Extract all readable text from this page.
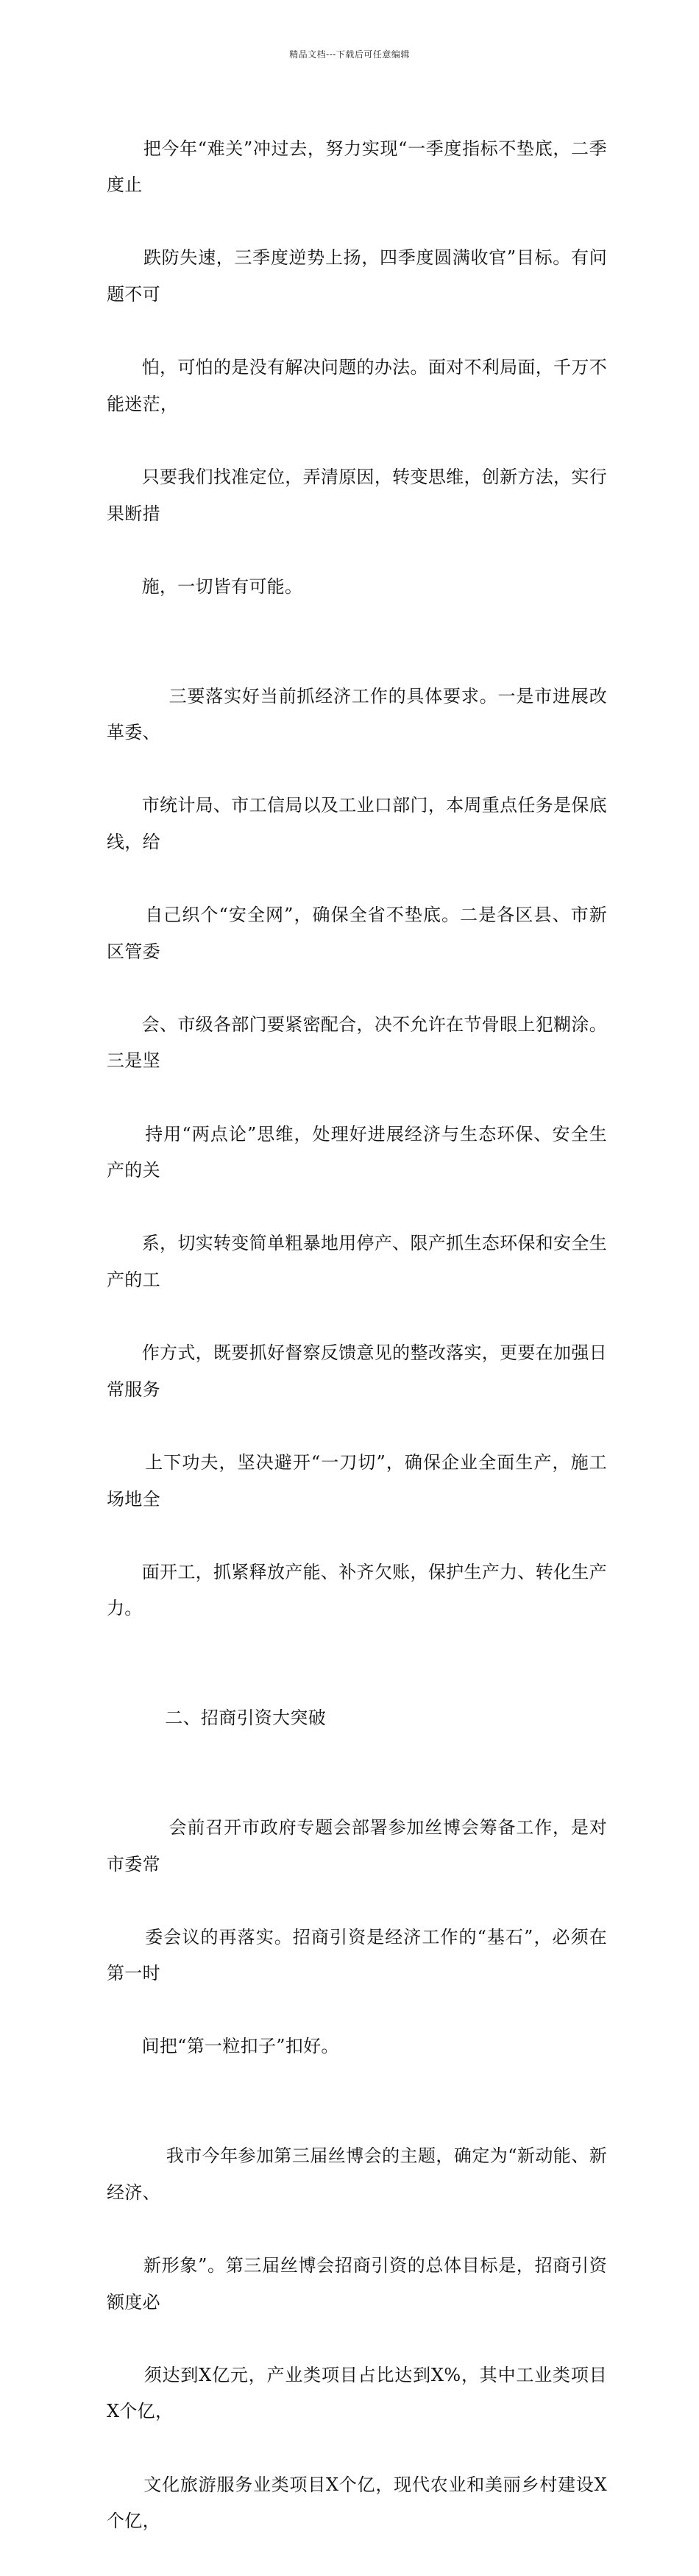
精品文档---下载后可任意编辑

把今年“难关”冲过去，努力实现“一季度指标不垫底，二季度止

跌防失速，三季度逆势上扬，四季度圆满收官”目标。有问题不可

怕，可怕的是没有解决问题的办法。面对不利局面，千万不能迷茫，

只要我们找准定位，弄清原因，转变思维，创新方法，实行果断措

施，一切皆有可能。

三要落实好当前抓经济工作的具体要求。一是市进展改革委、

市统计局、市工信局以及工业口部门，本周重点任务是保底线，给

自己织个“安全网”，确保全省不垫底。二是各区县、市新区管委

会、市级各部门要紧密配合，决不允许在节骨眼上犯糊涂。三是坚

持用“两点论”思维，处理好进展经济与生态环保、安全生产的关

系，切实转变简单粗暴地用停产、限产抓生态环保和安全生产的工

作方式，既要抓好督察反馈意见的整改落实，更要在加强日常服务

上下功夫，坚决避开“一刀切”，确保企业全面生产，施工场地全

面开工，抓紧释放产能、补齐欠账，保护生产力、转化生产力。

二、招商引资大突破

会前召开市政府专题会部署参加丝博会筹备工作，是对市委常

委会议的再落实。招商引资是经济工作的“基石”，必须在第一时

间把“第一粒扣子”扣好。

我市今年参加第三届丝博会的主题，确定为“新动能、新经济、

新形象”。第三届丝博会招商引资的总体目标是，招商引资额度必

须达到X亿元，产业类项目占比达到X%，其中工业类项目X个亿，

文化旅游服务业类项目X个亿，现代农业和美丽乡村建设X个亿，
